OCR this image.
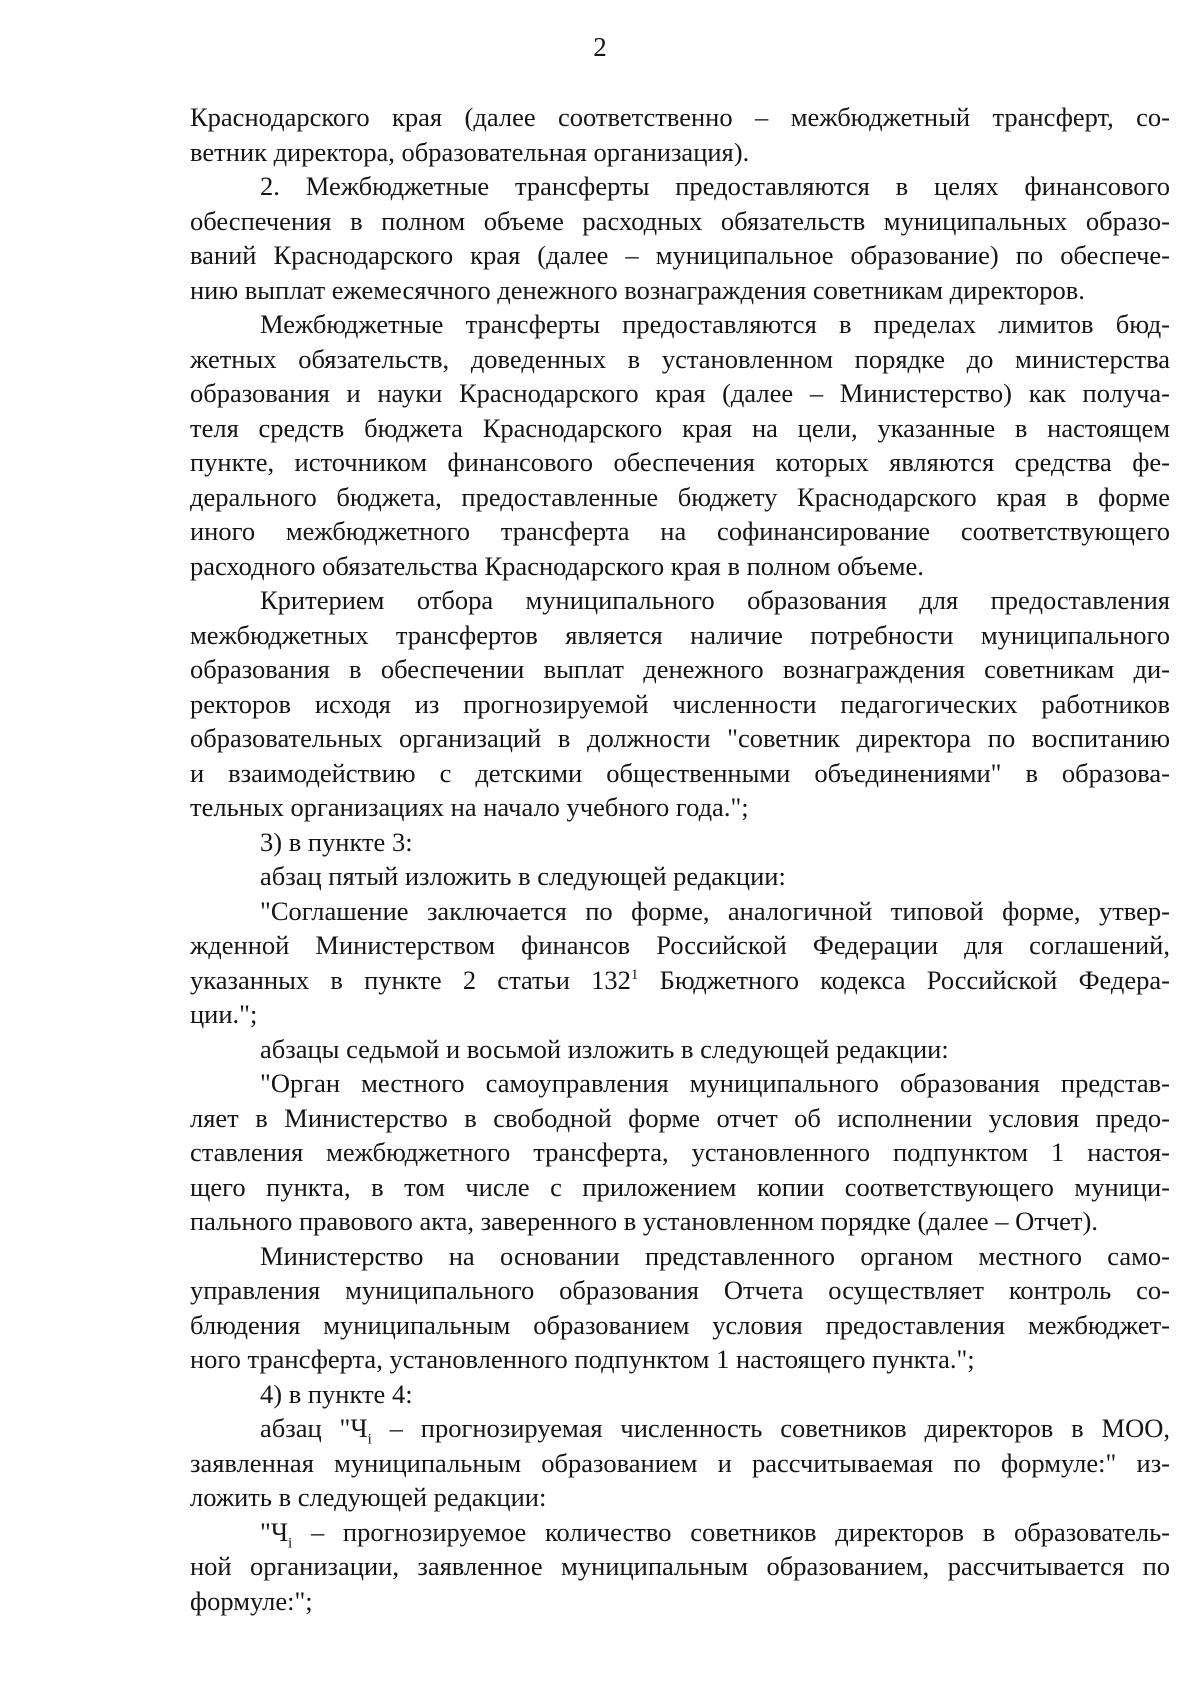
2
Краснодарского края (далее соответственно – межбюджетный трансферт, со-
ветник директора, образовательная организация).
2. Межбюджетные трансферты предоставляются в целях финансового
обеспечения в полном объеме расходных обязательств муниципальных образо-
ваний Краснодарского края (далее – муниципальное образование) по обеспече-
нию выплат ежемесячного денежного вознаграждения советникам директоров.
Межбюджетные трансферты предоставляются в пределах лимитов бюд-
жетных обязательств, доведенных в установленном порядке до министерства
образования и науки Краснодарского края (далее – Министерство) как получа-
теля средств бюджета Краснодарского края на цели, указанные в настоящем
пункте, источником финансового обеспечения которых являются средства фе-
дерального бюджета, предоставленные бюджету Краснодарского края в форме
иного межбюджетного трансферта на софинансирование соответствующего
расходного обязательства Краснодарского края в полном объеме.
Критерием отбора муниципального образования для предоставления
межбюджетных трансфертов является наличие потребности муниципального
образования в обеспечении выплат денежного вознаграждения советникам ди-
ректоров исходя из прогнозируемой численности педагогических работников
образовательных организаций в должности "советник директора по воспитанию
и взаимодействию с детскими общественными объединениями" в образова-
тельных организациях на начало учебного года.";
3) в пункте 3:
абзац пятый изложить в следующей редакции:
"Соглашение заключается по форме, аналогичной типовой форме, утвер-
жденной Министерством финансов Российской Федерации для соглашений,
указанных в пункте 2 статьи $132^1$ Бюджетного кодекса Российской Федера-
ции.";
абзацы седьмой и восьмой изложить в следующей редакции:
"Орган местного самоуправления муниципального образования представ-
ляет в Министерство в свободной форме отчет об исполнении условия предо-
ставления межбюджетного трансферта, установленного подпунктом 1 настоя-
щего пункта, в том числе с приложением копии соответствующего муници-
пального правового акта, заверенного в установленном порядке (далее – Отчет).
Министерство на основании представленного органом местного само-
управления муниципального образования Отчета осуществляет контроль со-
блюдения муниципальным образованием условия предоставления межбюджет-
ного трансферта, установленного подпунктом 1 настоящего пункта.";
4) в пункте 4:
абзац "$Ч_i$ – прогнозируемая численность советников директоров в МОО,
заявленная муниципальным образованием и рассчитываемая по формуле:" из-
ложить в следующей редакции:
"$Ч_i$ – прогнозируемое количество советников директоров в образователь-
ной организации, заявленное муниципальным образованием, рассчитывается по
формуле:";
